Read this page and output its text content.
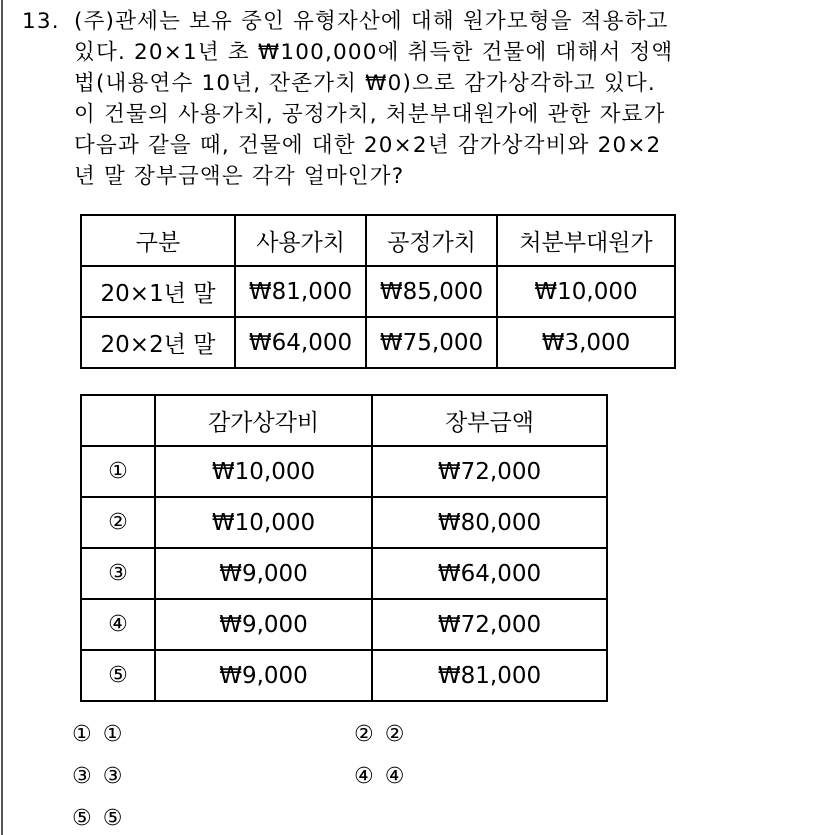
13. (주)관세는 보유 중인 유형자산에 대해 원가모형을 적용하고
있다. 20×1년 초 ₩100,000에 취득한 건물에 대해서 정액
법(내용연수 10년, 잔존가치 ₩0)으로 감가상각하고 있다.
이 건물의 사용가치, 공정가치, 처분부대원가에 관한 자료가
다음과 같을 때, 건물에 대한 20×2년 감가상각비와 20×2
년 말 장부금액은 각각 얼마인가?
구분	사용가치	공정가치	처분부대원가
20×1년 말	₩81,000	₩85,000	₩10,000
20×2년 말	₩64,000	₩75,000	₩3,000
	감가상각비	장부금액
①	₩10,000	₩72,000
②	₩10,000	₩80,000
③	₩9,000	₩64,000
④	₩9,000	₩72,000
⑤	₩9,000	₩81,000
① ①	② ②
③ ③	④ ④
⑤ ⑤
